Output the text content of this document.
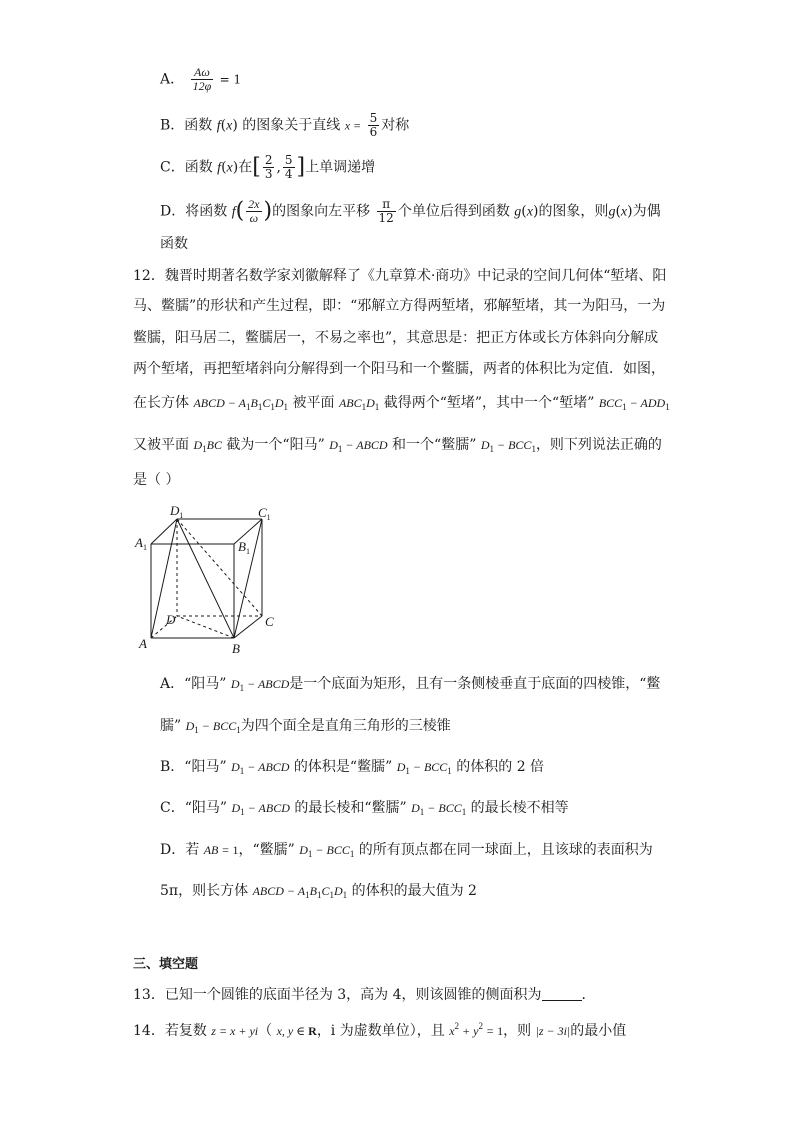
A． $\frac{A\omega}{12\varphi} = 1$
B．函数 f(x) 的图象关于直线 $x = \frac{5}{6}$ 对称
C．函数 f(x)在[ $\frac{2}{3}$ , $\frac{5}{4}$ ]上单调递增
D．将函数 $f( \frac{2x}{\omega}$ )的图象向左平移 $\frac{\pi}{12}$ 个单位后得到函数 g(x)的图象，则g(x)为偶
函数
12．魏晋时期著名数学家刘徽解释了《九章算术·商功》中记录的空间几何体“堑堵、阳
马、鳖臑”的形状和产生过程，即：“邪解立方得两堑堵，邪解堑堵，其一为阳马，一为
鳖臑，阳马居二，鳖臑居一，不易之率也”，其意思是：把正方体或长方体斜向分解成
两个堑堵，再把堑堵斜向分解得到一个阳马和一个鳖臑，两者的体积比为定值．如图，
在长方体 ABCD − $A_1B_1C_1D_1$ 被平面 $ABC_1D_1$ 截得两个“堑堵”，其中一个“堑堵” $BCC_1 - ADD_1$
又被平面 $D_1BC$ 截为一个“阳马” $D_1$ − ABCD 和一个“鳖臑” $D_1 - BCC_1$，则下列说法正确的
是（ ）
$D_1$	$C_1$
$A_1$	$B_1$
D	C
A	B
A．“阳马” $D_1$ − ABCD是一个底面为矩形，且有一条侧棱垂直于底面的四棱锥，“鳖
臑” $D_1 - BCC_1$为四个面全是直角三角形的三棱锥
B．“阳马” $D_1$ − ABCD 的体积是“鳖臑” $D_1 - BCC_1$ 的体积的 2 倍
C．“阳马” $D_1$ − ABCD 的最长棱和“鳖臑” $D_1 - BCC_1$ 的最长棱不相等
D．若 AB = 1，“鳖臑” $D_1 - BCC_1$ 的所有顶点都在同一球面上，且该球的表面积为
5π，则长方体 ABCD − $A_1B_1C_1D_1$ 的体积的最大值为 2
三、填空题
13．已知一个圆锥的底面半径为 3，高为 4，则该圆锥的侧面积为	．
14．若复数 z = x + yi（ x, y ∈ R，i 为虚数单位），且 $x^2 + y^2 = 1$，则 |z − 3i|的最小值
